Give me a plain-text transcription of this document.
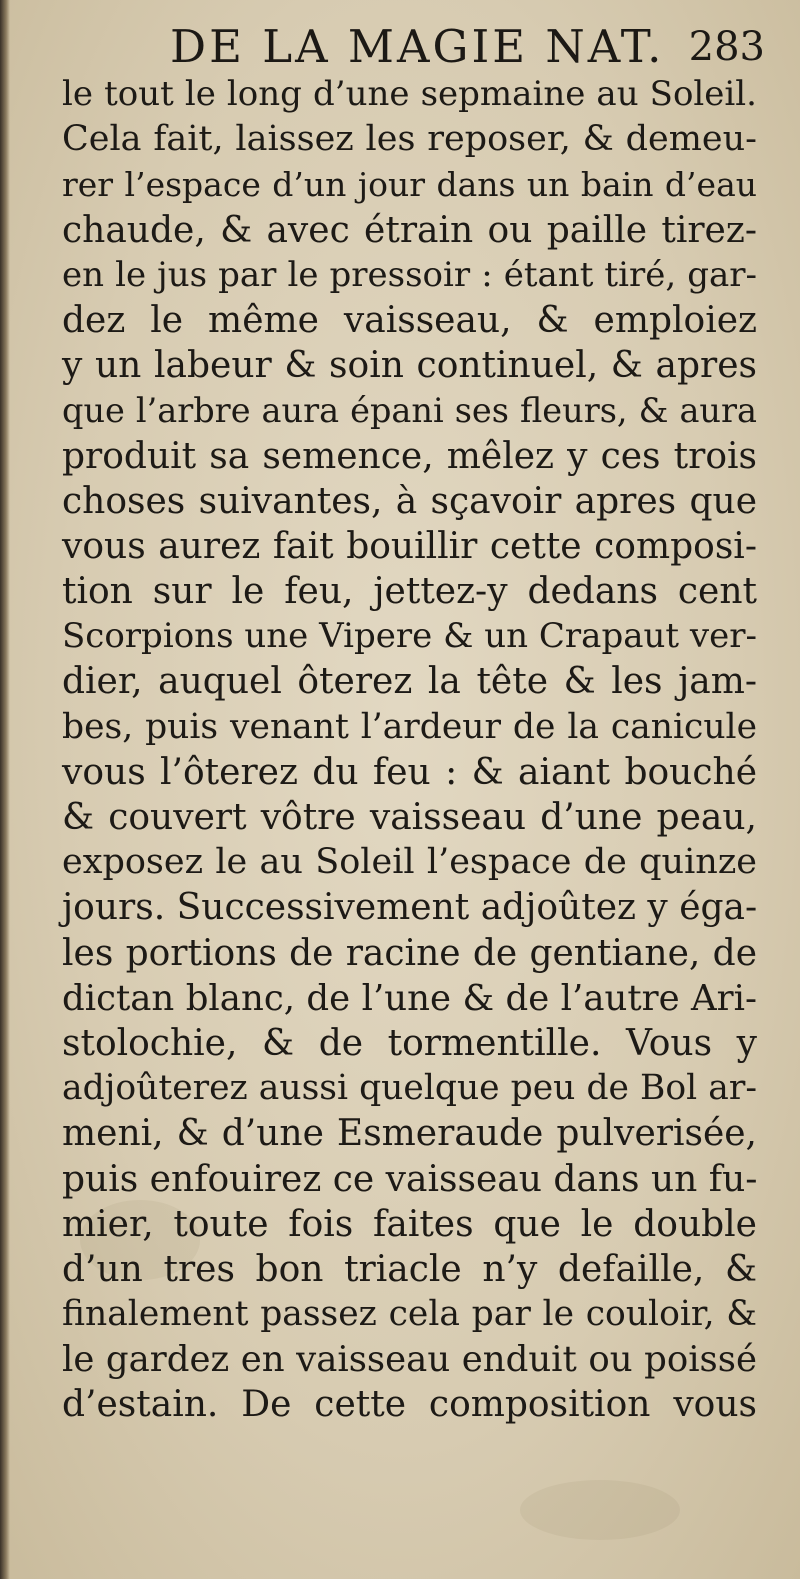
DE LA MAGIE NAT. 283
le tout le long d’une sepmaine au Soleil.
Cela fait, laissez les reposer, & demeu-
rer l’espace d’un jour dans un bain d’eau
chaude, & avec étrain ou paille tirez-
en le jus par le pressoir : étant tiré, gar-
dez le même vaisseau, & emploiez
y un labeur & soin continuel, & apres
que l’arbre aura épani ses fleurs, & aura
produit sa semence, mêlez y ces trois
choses suivantes, à sçavoir apres que
vous aurez fait bouillir cette composi-
tion sur le feu, jettez-y dedans cent
Scorpions une Vipere & un Crapaut ver-
dier, auquel ôterez la tête & les jam-
bes, puis venant l’ardeur de la canicule
vous l’ôterez du feu : & aiant bouché
& couvert vôtre vaisseau d’une peau,
exposez le au Soleil l’espace de quinze
jours. Successivement adjoûtez y éga-
les portions de racine de gentiane, de
dictan blanc, de l’une & de l’autre Ari-
stolochie, & de tormentille. Vous y
adjoûterez aussi quelque peu de Bol ar-
meni, & d’une Esmeraude pulverisée,
puis enfouirez ce vaisseau dans un fu-
mier, toute fois faites que le double
d’un tres bon triacle n’y defaille, &
finalement passez cela par le couloir, &
le gardez en vaisseau enduit ou poissé
d’estain. De cette composition vous
